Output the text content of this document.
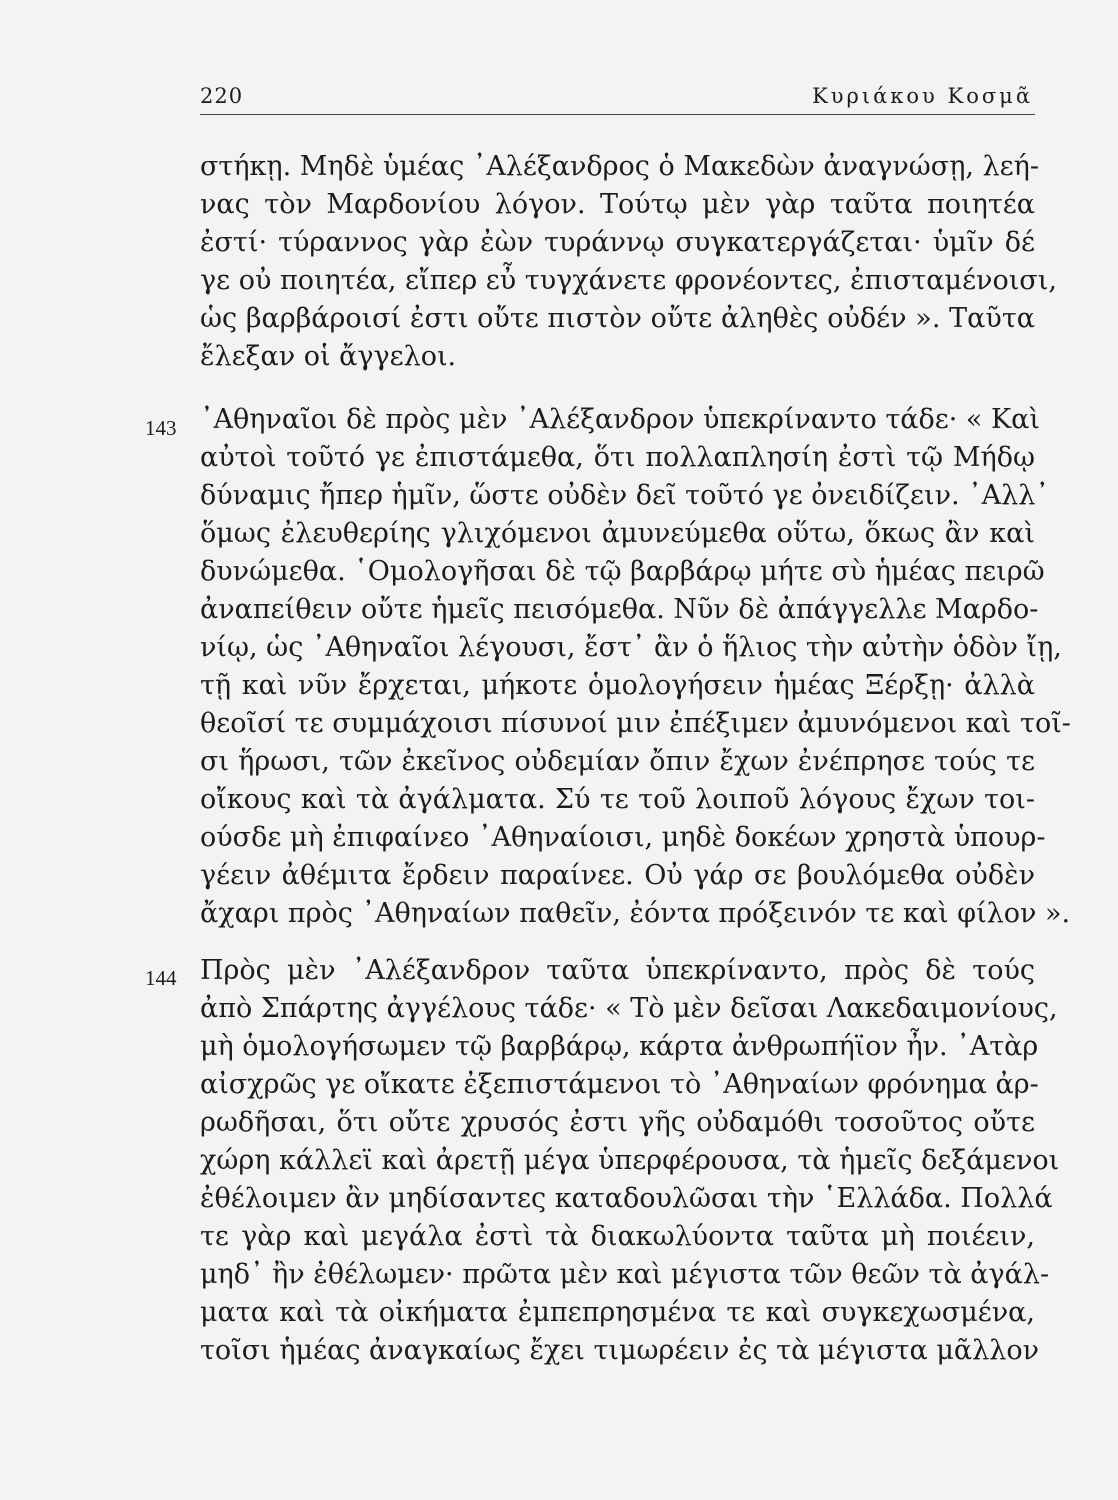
220	Κυριάκου Κοσμᾶ
143
144
στήκῃ. Μηδὲ ὑμέας ᾿Αλέξανδρος ὁ Μακεδὼν ἀναγνώσῃ, λεή-
νας τὸν Μαρδονίου λόγον. Τούτῳ μὲν γὰρ ταῦτα ποιητέα
ἐστί· τύραννος γὰρ ἐὼν τυράννῳ συγκατεργάζεται· ὑμῖν δέ
γε οὐ ποιητέα, εἴπερ εὖ τυγχάνετε φρονέοντες, ἐπισταμένοισι,
ὡς βαρβάροισί ἐστι οὔτε πιστὸν οὔτε ἀληθὲς οὐδέν ». Ταῦτα
ἔλεξαν οἱ ἄγγελοι.
᾿Αθηναῖοι δὲ πρὸς μὲν ᾿Αλέξανδρον ὑπεκρίναντο τάδε· « Καὶ
αὐτοὶ τοῦτό γε ἐπιστάμεθα, ὅτι πολλαπλησίη ἐστὶ τῷ Μήδῳ
δύναμις ἤπερ ἡμῖν, ὥστε οὐδὲν δεῖ τοῦτό γε ὀνειδίζειν. ᾿Αλλ᾿
ὅμως ἐλευθερίης γλιχόμενοι ἀμυνεύμεθα οὕτω, ὅκως ἂν καὶ
δυνώμεθα. ῾Ομολογῆσαι δὲ τῷ βαρβάρῳ μήτε σὺ ἡμέας πειρῶ
ἀναπείθειν οὔτε ἡμεῖς πεισόμεθα. Νῦν δὲ ἀπάγγελλε Μαρδο-
νίῳ, ὡς ᾿Αθηναῖοι λέγουσι, ἔστ᾿ ἂν ὁ ἥλιος τὴν αὐτὴν ὁδὸν ἴῃ,
τῇ καὶ νῦν ἔρχεται, μήκοτε ὁμολογήσειν ἡμέας Ξέρξῃ· ἀλλὰ
θεοῖσί τε συμμάχοισι πίσυνοί μιν ἐπέξιμεν ἀμυνόμενοι καὶ τοῖ-
σι ἥρωσι, τῶν ἐκεῖνος οὐδεμίαν ὄπιν ἔχων ἐνέπρησε τούς τε
οἴκους καὶ τὰ ἀγάλματα. Σύ τε τοῦ λοιποῦ λόγους ἔχων τοι-
ούσδε μὴ ἐπιφαίνεο ᾿Αθηναίοισι, μηδὲ δοκέων χρηστὰ ὑπουρ-
γέειν ἀθέμιτα ἔρδειν παραίνεε. Οὐ γάρ σε βουλόμεθα οὐδὲν
ἄχαρι πρὸς ᾿Αθηναίων παθεῖν, ἐόντα πρόξεινόν τε καὶ φίλον ».
Πρὸς μὲν ᾿Αλέξανδρον ταῦτα ὑπεκρίναντο, πρὸς δὲ τούς
ἀπὸ Σπάρτης ἀγγέλους τάδε· « Τὸ μὲν δεῖσαι Λακεδαιμονίους,
μὴ ὁμολογήσωμεν τῷ βαρβάρῳ, κάρτα ἀνθρωπήϊον ἦν. ᾿Ατὰρ
αἰσχρῶς γε οἴκατε ἐξεπιστάμενοι τὸ ᾿Αθηναίων φρόνημα ἀρ-
ρωδῆσαι, ὅτι οὔτε χρυσός ἐστι γῆς οὐδαμόθι τοσοῦτος οὔτε
χώρη κάλλεϊ καὶ ἀρετῇ μέγα ὑπερφέρουσα, τὰ ἡμεῖς δεξάμενοι
ἐθέλοιμεν ἂν μηδίσαντες καταδουλῶσαι τὴν ῾Ελλάδα. Πολλά
τε γὰρ καὶ μεγάλα ἐστὶ τὰ διακωλύοντα ταῦτα μὴ ποιέειν,
μηδ᾿ ἢν ἐθέλωμεν· πρῶτα μὲν καὶ μέγιστα τῶν θεῶν τὰ ἀγάλ-
ματα καὶ τὰ οἰκήματα ἐμπεπρησμένα τε καὶ συγκεχωσμένα,
τοῖσι ἡμέας ἀναγκαίως ἔχει τιμωρέειν ἐς τὰ μέγιστα μᾶλλον
